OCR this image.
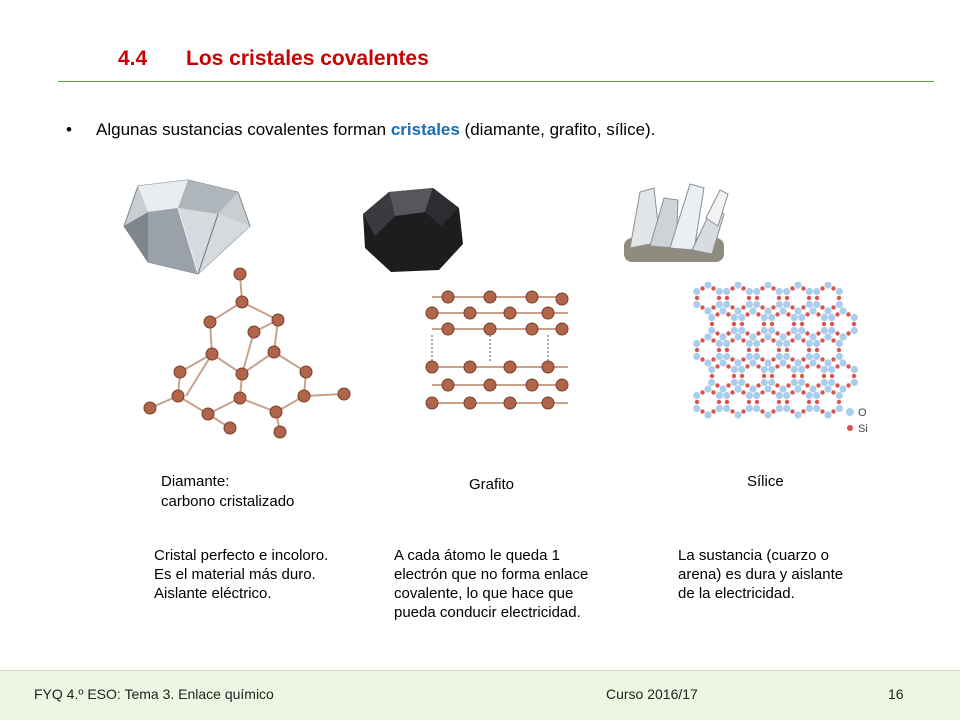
4.4 Los cristales covalentes
• Algunas sustancias covalentes forman cristales (diamante, grafito, sílice).
O
Si
Diamante:
carbono cristalizado
Grafito	Sílice
Cristal perfecto e incoloro.
Es el material más duro.
Aislante eléctrico.
A cada átomo le queda 1
electrón que no forma enlace
covalente, lo que hace que
pueda conducir electricidad.
La sustancia (cuarzo o
arena) es dura y aislante
de la electricidad.
FYQ 4.º ESO: Tema 3. Enlace químico	Curso 2016/17	16
